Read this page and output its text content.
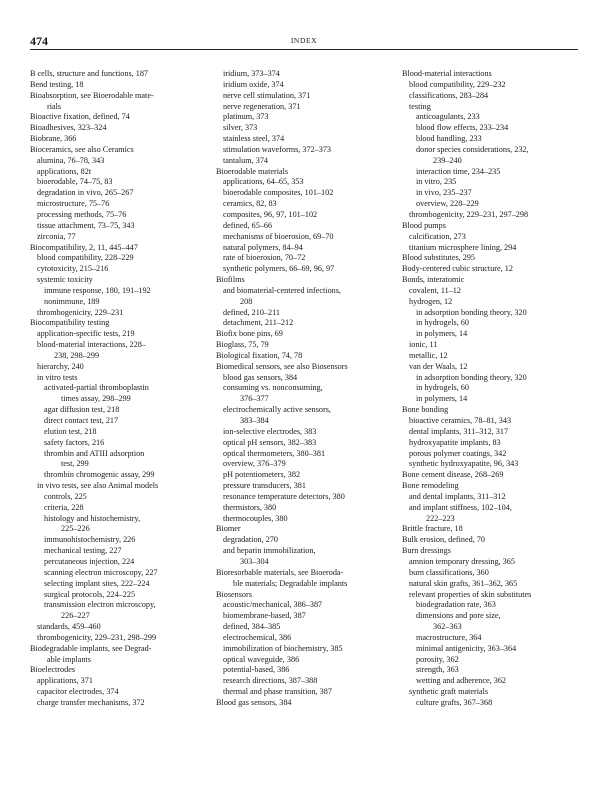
474	INDEX
B cells, structure and functions, 187
Bend testing, 18
Bioabsorption, see Bioerodable mate-
rials
Bioactive fixation, defined, 74
Bioadhesives, 323–324
Biobrane, 366
Bioceramics, see also Ceramics
alumina, 76–78, 343
applications, 82t
bioerodable, 74–75, 83
degradation in vivo, 265–267
microstructure, 75–76
processing methods, 75–76
tissue attachment, 73–75, 343
zirconia, 77
Biocompatibility, 2, 11, 445–447
blood compatibility, 228–229
cytotoxicity, 215–216
systemic toxicity
immune response, 180, 191–192
nonimmune, 189
thrombogenicity, 229–231
Biocompatibility testing
application-specific tests, 219
blood-material interactions, 228–
238, 298–299
hierarchy, 240
in vitro tests
activated-partial thromboplastin
times assay, 298–299
agar diffusion test, 218
direct contact test, 217
elution test, 218
safety factors, 216
thrombin and ATIII adsorption
test, 299
thrombin chromogenic assay, 299
in vivo tests, see also Animal models
controls, 225
criteria, 228
histology and histochemistry,
225–226
immunohistochemistry, 226
mechanical testing, 227
percutaneous injection, 224
scanning electron microscopy, 227
selecting implant sites, 222–224
surgical protocols, 224–225
transmission electron microscopy,
226–227
standards, 459–460
thrombogenicity, 229–231, 298–299
Biodegradable implants, see Degrad-
able implants
Bioelectrodes
applications, 371
capacitor electrodes, 374
charge transfer mechanisms, 372
iridium, 373–374
iridium oxide, 374
nerve cell stimulation, 371
nerve regeneration, 371
platinum, 373
silver, 373
stainless steel, 374
stimulation waveforms, 372–373
tantalum, 374
Bioerodable materials
applications, 64–65, 353
bioerodable composites, 101–102
ceramics, 82, 83
composites, 96, 97, 101–102
defined, 65–66
mechanisms of bioerosion, 69–70
natural polymers, 84–94
rate of bioerosion, 70–72
synthetic polymers, 66–69, 96, 97
Biofilms
and biomaterial-centered infections,
208
defined, 210–211
detachment, 211–212
Biofix bone pins, 69
Bioglass, 75, 79
Biological fixation, 74, 78
Biomedical sensors, see also Biosensors
blood gas sensors, 384
consuming vs. nonconsuming,
376–377
electrochemically active sensors,
383–384
ion-selective electrodes, 383
optical pH sensors, 382–383
optical thermometers, 380–381
overview, 376–379
pH potentiometers, 382
pressure transducers, 381
resonance temperature detectors, 380
thermistors, 380
thermocouples, 380
Biomer
degradation, 270
and heparin immobilization,
303–304
Bioresorbable materials, see Bioeroda-
ble materials; Degradable implants
Biosensors
acoustic/mechanical, 386–387
biomembrane-based, 387
defined, 384–385
electrochemical, 386
immobilization of biochemistry, 385
optical waveguide, 386
potential-based, 386
research directions, 387–388
thermal and phase transition, 387
Blood gas sensors, 384
Blood-material interactions
blood compatibility, 229–232
classifications, 283–284
testing
anticoagulants, 233
blood flow effects, 233–234
blood handling, 233
donor species considerations, 232,
239–240
interaction time, 234–235
in vitro, 235
in vivo, 235–237
overview, 228–229
thrombogenicity, 229–231, 297–298
Blood pumps
calcification, 273
titanium microsphere lining, 294
Blood substitutes, 295
Body-centered cubic structure, 12
Bonds, interatomic
covalent, 11–12
hydrogen, 12
in adsorption bonding theory, 320
in hydrogels, 60
in polymers, 14
ionic, 11
metallic, 12
van der Waals, 12
in adsorption bonding theory, 320
in hydrogels, 60
in polymers, 14
Bone bonding
bioactive ceramics, 78–81, 343
dental implants, 311–312, 317
hydroxyapatite implants, 83
porous polymer coatings, 342
synthetic hydroxyapatite, 96, 343
Bone cement disease, 268–269
Bone remodeling
and dental implants, 311–312
and implant stiffness, 102–104,
222–223
Brittle fracture, 18
Bulk erosion, defined, 70
Burn dressings
amnion temporary dressing, 365
burn classifications, 360
natural skin grafts, 361–362, 365
relevant properties of skin substitutes
biodegradation rate, 363
dimensions and pore size,
362–363
macrostructure, 364
minimal antigenicity, 363–364
porosity, 362
strength, 363
wetting and adherence, 362
synthetic graft materials
culture grafts, 367–368
